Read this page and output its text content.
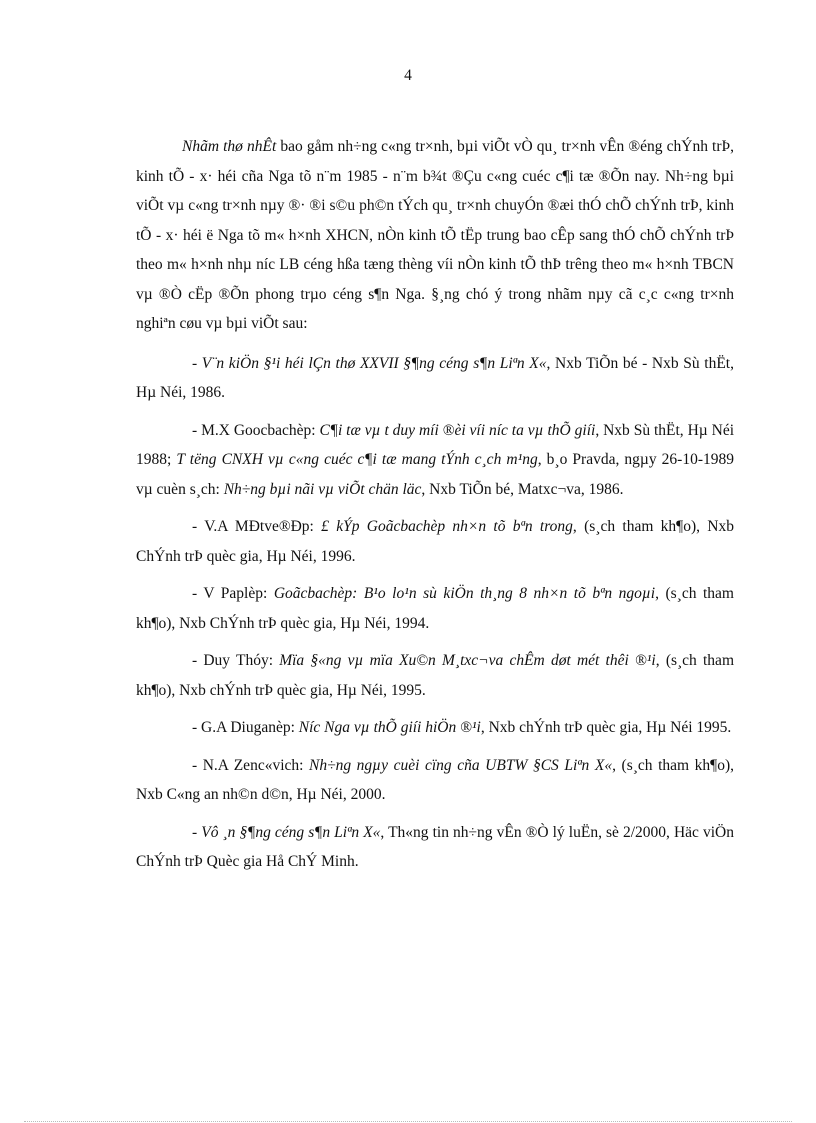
4

Nhãm thø nhÊt bao gåm nh÷ng c«ng tr×nh, bµi viÕt vÒ qu¸ tr×nh vÊn ®éng chÝnh trÞ, kinh tÕ - x· héi cña Nga tõ n¨m 1985 - n¨m b¾t ®Çu c«ng cuéc c¶i tæ ®Õn nay. Nh÷ng bµi viÕt vµ c«ng tr×nh nµy ®· ®i s©u ph©n tÝch qu¸ tr×nh chuyÓn ®æi thÓ chÕ chÝnh trÞ, kinh tÕ - x· héi ë Nga tõ m« h×nh XHCN, nÒn kinh tÕ tËp trung bao cÊp sang thÓ chÕ chÝnh trÞ theo m« h×nh nhµ níc LB céng hßa tæng thèng víi nÒn kinh tÕ thÞ trêng theo m« h×nh TBCN vµ ®Ò cËp ®Õn phong trµo céng s¶n Nga. §¸ng chó ý trong nhãm nµy cã c¸c c«ng tr×nh nghiªn cøu vµ bµi viÕt sau:

- V¨n kiÖn §¹i héi lÇn thø XXVII §¶ng céng s¶n Liªn X«, Nxb TiÕn bé - Nxb Sù thËt, Hµ Néi, 1986.

- M.X Goocbachèp: C¶i tæ vµ t duy míi ®èi víi níc ta vµ thÕ giíi, Nxb Sù thËt, Hµ Néi 1988; T tëng CNXH vµ c«ng cuéc c¶i tæ mang tÝnh c¸ch m¹ng, b¸o Pravda, ngµy 26-10-1989 vµ cuèn s¸ch: Nh÷ng bµi nãi vµ viÕt chän läc, Nxb TiÕn bé, Matxc¬va, 1986.

- V.A MÐtve®Ðp: £ kÝp Goãcbachèp nh×n tõ bªn trong, (s¸ch tham kh¶o), Nxb ChÝnh trÞ quèc gia, Hµ Néi, 1996.

- V Paplèp: Goãcbachèp: B¹o lo¹n sù kiÖn th¸ng 8 nh×n tõ bªn ngoµi, (s¸ch tham kh¶o), Nxb ChÝnh trÞ quèc gia, Hµ Néi, 1994.

- Duy Thóy: Mïa §«ng vµ mïa Xu©n M¸txc¬va chÊm døt mét thêi ®¹i, (s¸ch tham kh¶o), Nxb chÝnh trÞ quèc gia, Hµ Néi, 1995.

- G.A Diuganèp: Níc Nga vµ thÕ giíi hiÖn ®¹i, Nxb chÝnh trÞ quèc gia, Hµ Néi 1995.

- N.A Zenc«vich: Nh÷ng ngµy cuèi cïng cña UBTW §CS Liªn X«, (s¸ch tham kh¶o), Nxb C«ng an nh©n d©n, Hµ Néi, 2000.

- Vô ¸n §¶ng céng s¶n Liªn X«, Th«ng tin nh÷ng vÊn ®Ò lý luËn, sè 2/2000, Häc viÖn ChÝnh trÞ Quèc gia Hå ChÝ Minh.
